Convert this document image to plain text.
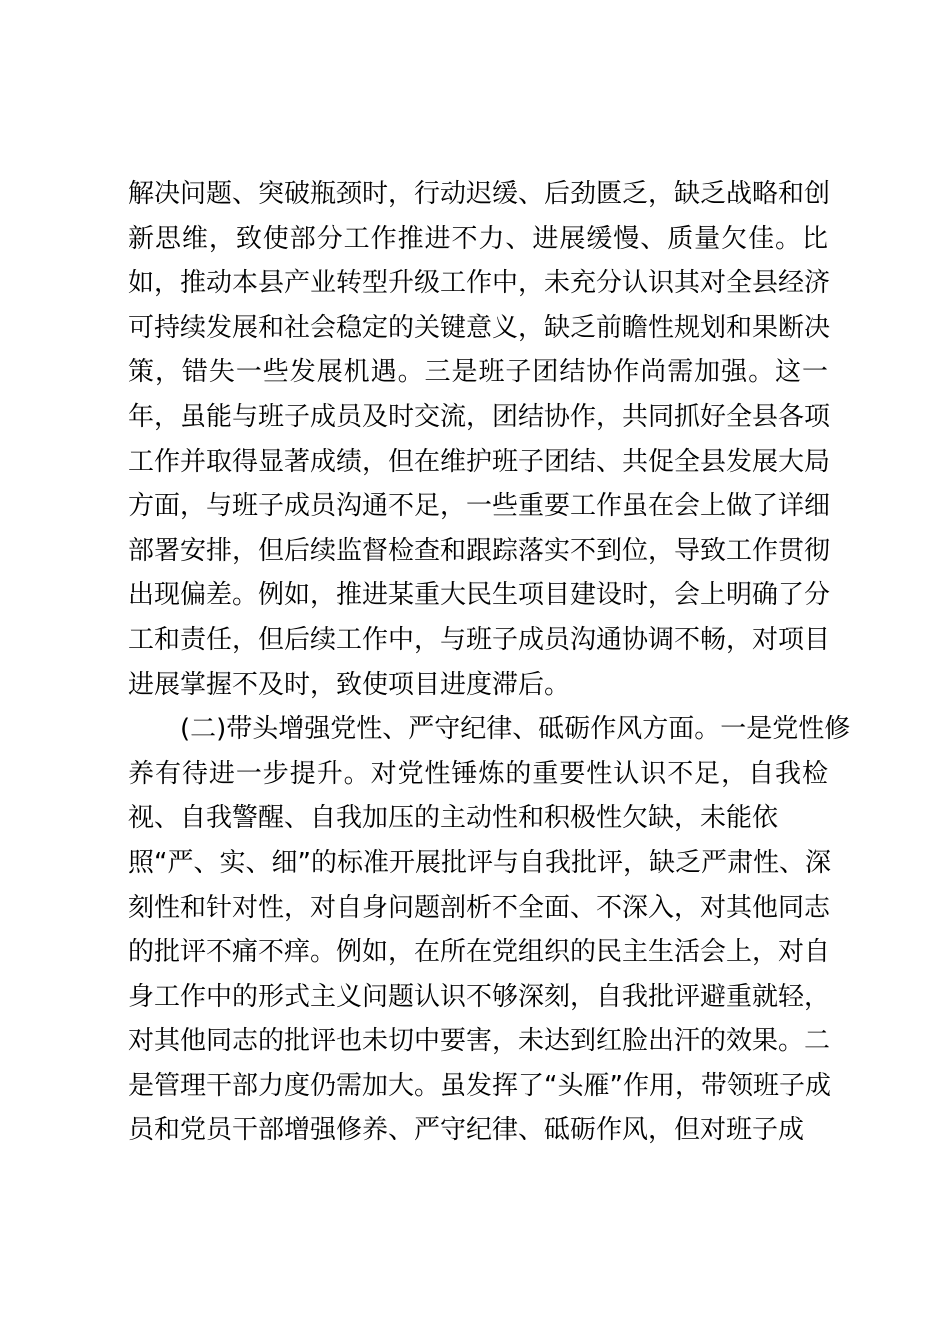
解决问题、突破瓶颈时，行动迟缓、后劲匮乏，缺乏战略和创
新思维，致使部分工作推进不力、进展缓慢、质量欠佳。比
如，推动本县产业转型升级工作中，未充分认识其对全县经济
可持续发展和社会稳定的关键意义，缺乏前瞻性规划和果断决
策，错失一些发展机遇。三是班子团结协作尚需加强。这一
年，虽能与班子成员及时交流，团结协作，共同抓好全县各项
工作并取得显著成绩，但在维护班子团结、共促全县发展大局
方面，与班子成员沟通不足，一些重要工作虽在会上做了详细
部署安排，但后续监督检查和跟踪落实不到位，导致工作贯彻
出现偏差。例如，推进某重大民生项目建设时，会上明确了分
工和责任，但后续工作中，与班子成员沟通协调不畅，对项目
进展掌握不及时，致使项目进度滞后。
(二)带头增强党性、严守纪律、砥砺作风方面。一是党性修
养有待进一步提升。对党性锤炼的重要性认识不足，自我检
视、自我警醒、自我加压的主动性和积极性欠缺，未能依
照“严、实、细”的标准开展批评与自我批评，缺乏严肃性、深
刻性和针对性，对自身问题剖析不全面、不深入，对其他同志
的批评不痛不痒。例如，在所在党组织的民主生活会上，对自
身工作中的形式主义问题认识不够深刻，自我批评避重就轻，
对其他同志的批评也未切中要害，未达到红脸出汗的效果。二
是管理干部力度仍需加大。虽发挥了“头雁”作用，带领班子成
员和党员干部增强修养、严守纪律、砥砺作风，但对班子成
